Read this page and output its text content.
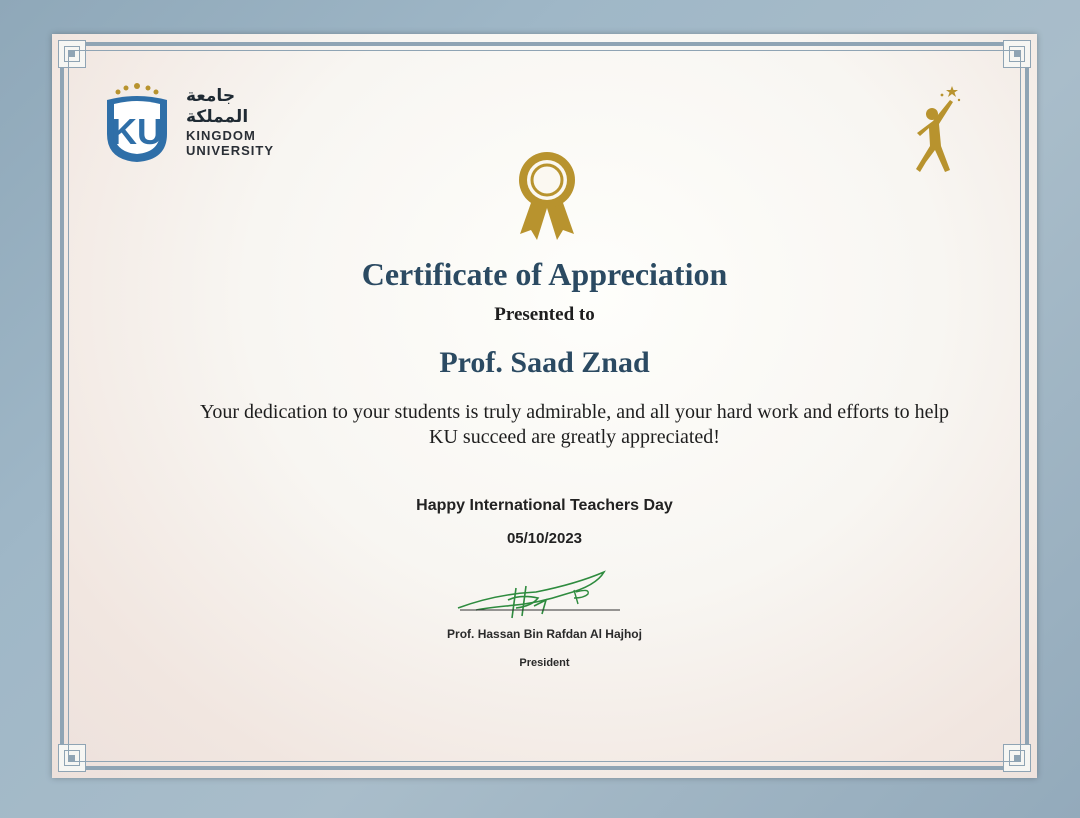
KU
جامعة
المملكة
KINGDOM
UNIVERSITY
Certificate of Appreciation
Presented to
Prof. Saad Znad
Your dedication to your students is truly admirable, and all your hard work and efforts to help
KU succeed are greatly appreciated!
Happy International Teachers Day
05/10/2023
Prof. Hassan Bin Rafdan Al Hajhoj
President
